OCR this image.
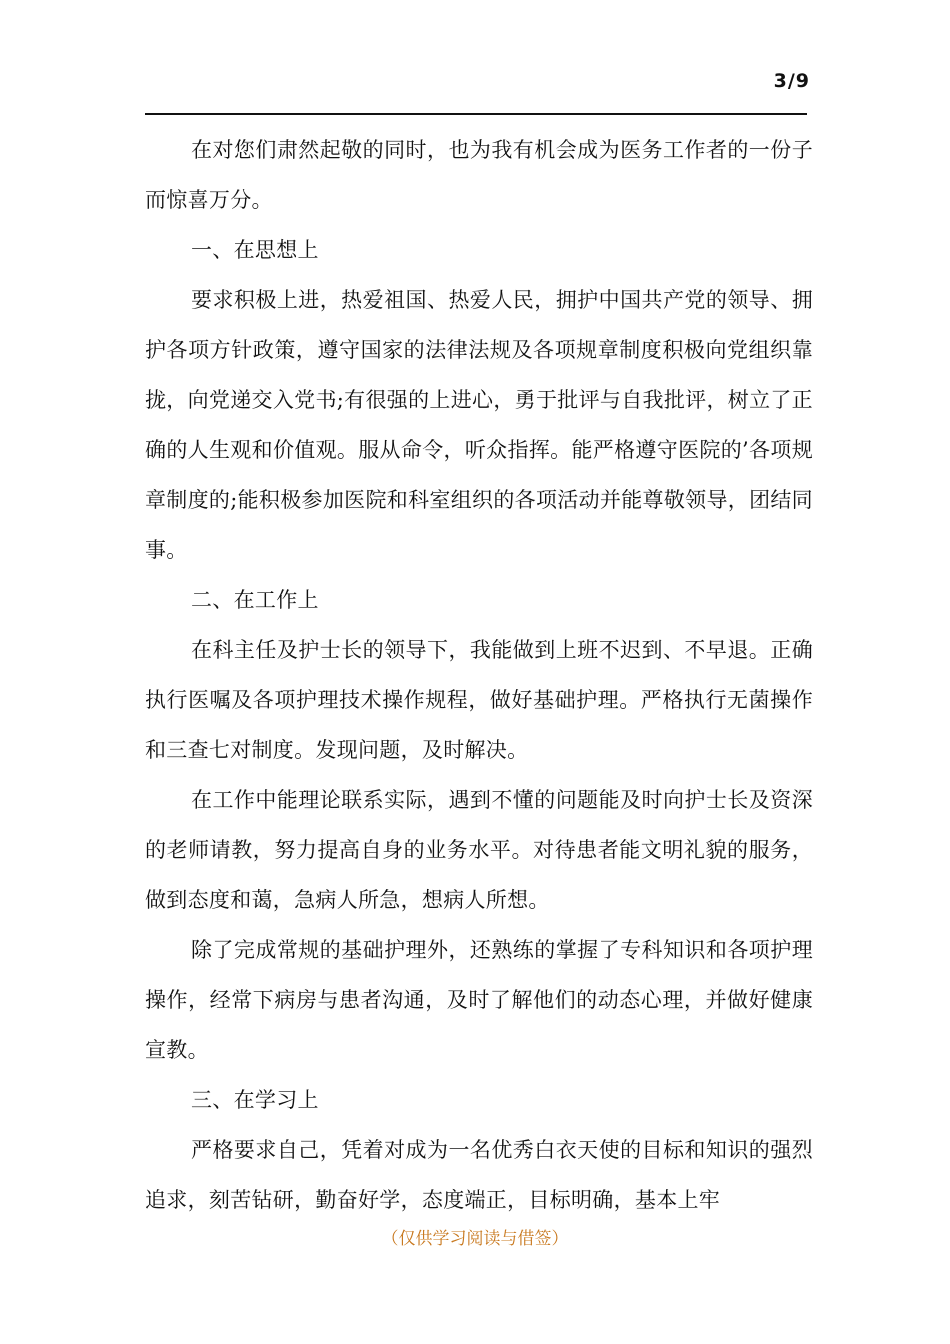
3/9

在对您们肃然起敬的同时，也为我有机会成为医务工作者的一份子而惊喜万分。

一、在思想上

要求积极上进，热爱祖国、热爱人民，拥护中国共产党的领导、拥护各项方针政策，遵守国家的法律法规及各项规章制度积极向党组织靠拢，向党递交入党书;有很强的上进心，勇于批评与自我批评，树立了正确的人生观和价值观。服从命令，听众指挥。能严格遵守医院的’各项规章制度的;能积极参加医院和科室组织的各项活动并能尊敬领导，团结同事。

二、在工作上

在科主任及护士长的领导下，我能做到上班不迟到、不早退。正确执行医嘱及各项护理技术操作规程，做好基础护理。严格执行无菌操作和三查七对制度。发现问题，及时解决。

在工作中能理论联系实际，遇到不懂的问题能及时向护士长及资深的老师请教，努力提高自身的业务水平。对待患者能文明礼貌的服务，做到态度和蔼，急病人所急，想病人所想。

除了完成常规的基础护理外，还熟练的掌握了专科知识和各项护理操作，经常下病房与患者沟通，及时了解他们的动态心理，并做好健康宣教。

三、在学习上

严格要求自己，凭着对成为一名优秀白衣天使的目标和知识的强烈追求，刻苦钻研，勤奋好学，态度端正，目标明确，基本上牢

（仅供学习阅读与借签）
